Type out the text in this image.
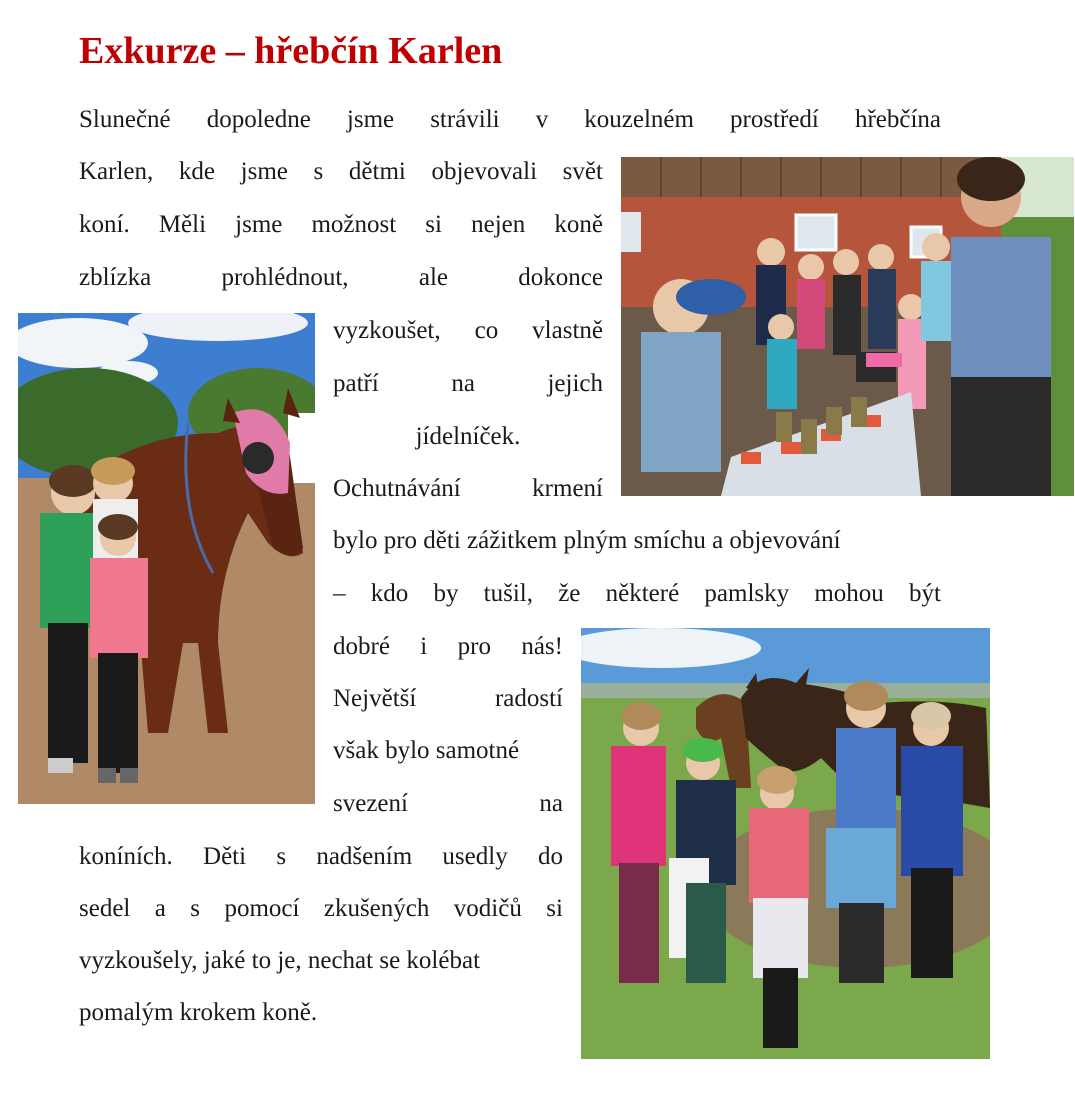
Exkurze – hřebčín Karlen
Slunečné dopoledne jsme strávili v kouzelném prostředí hřebčína
Karlen, kde jsme s dětmi objevovali svět
koní. Měli jsme možnost si nejen koně
zblízka	prohlédnout,	ale	dokonce
vyzkoušet, co vlastně
patří	na	jejich
jídelníček.
Ochutnávání	krmení
bylo pro děti zážitkem plným smíchu a objevování
– kdo by tušil, že některé pamlsky mohou být
dobré i pro nás!
Největší	radostí
však bylo samotné
svezení	na
koníních. Děti s nadšením usedly do
sedel a s pomocí zkušených vodičů si
vyzkoušely, jaké to je, nechat se kolébat
pomalým krokem koně.
